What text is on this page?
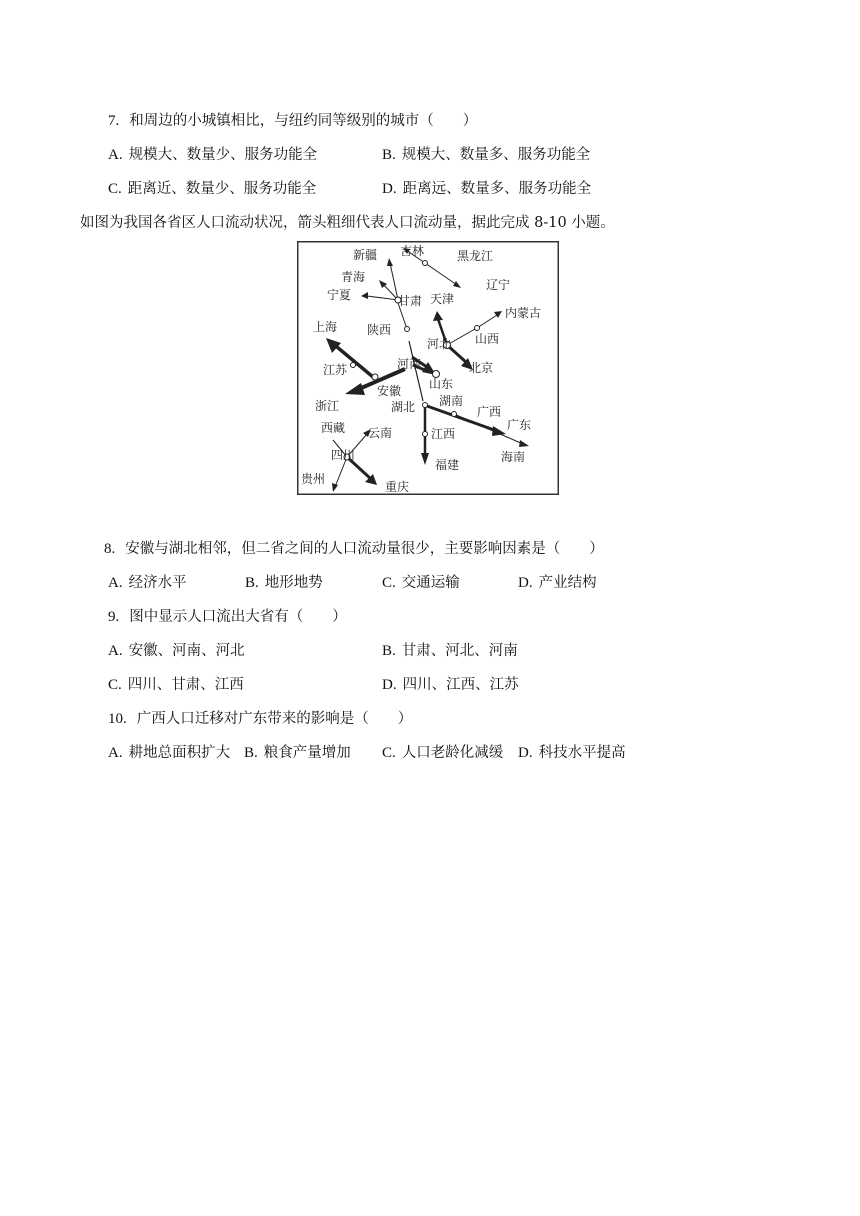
7. 和周边的小城镇相比，与纽约同等级别的城市（　　）
A. 规模大、数量少、服务功能全	B. 规模大、数量多、服务功能全
C. 距离近、数量少、服务功能全	D. 距离远、数量多、服务功能全
如图为我国各省区人口流动状况，箭头粗细代表人口流动量，据此完成 8-10 小题。
新疆 吉林	黑龙江
青海
辽宁
宁夏	甘肃 天津
内蒙古
上海 陕西
河北 山西
河南	北京
江苏
安徽 山东
湖南
浙江	湖北	广西
西藏 云南	江西
广东
四川
福建
海南
贵州
重庆
8. 安徽与湖北相邻，但二省之间的人口流动量很少，主要影响因素是（　　）
A. 经济水平	B. 地形地势	C. 交通运输	D. 产业结构
9. 图中显示人口流出大省有（　　）
A. 安徽、河南、河北	B. 甘肃、河北、河南
C. 四川、甘肃、江西	D. 四川、江西、江苏
10. 广西人口迁移对广东带来的影响是（　　）
A. 耕地总面积扩大 B. 粮食产量增加 C. 人口老龄化减缓 D. 科技水平提高
